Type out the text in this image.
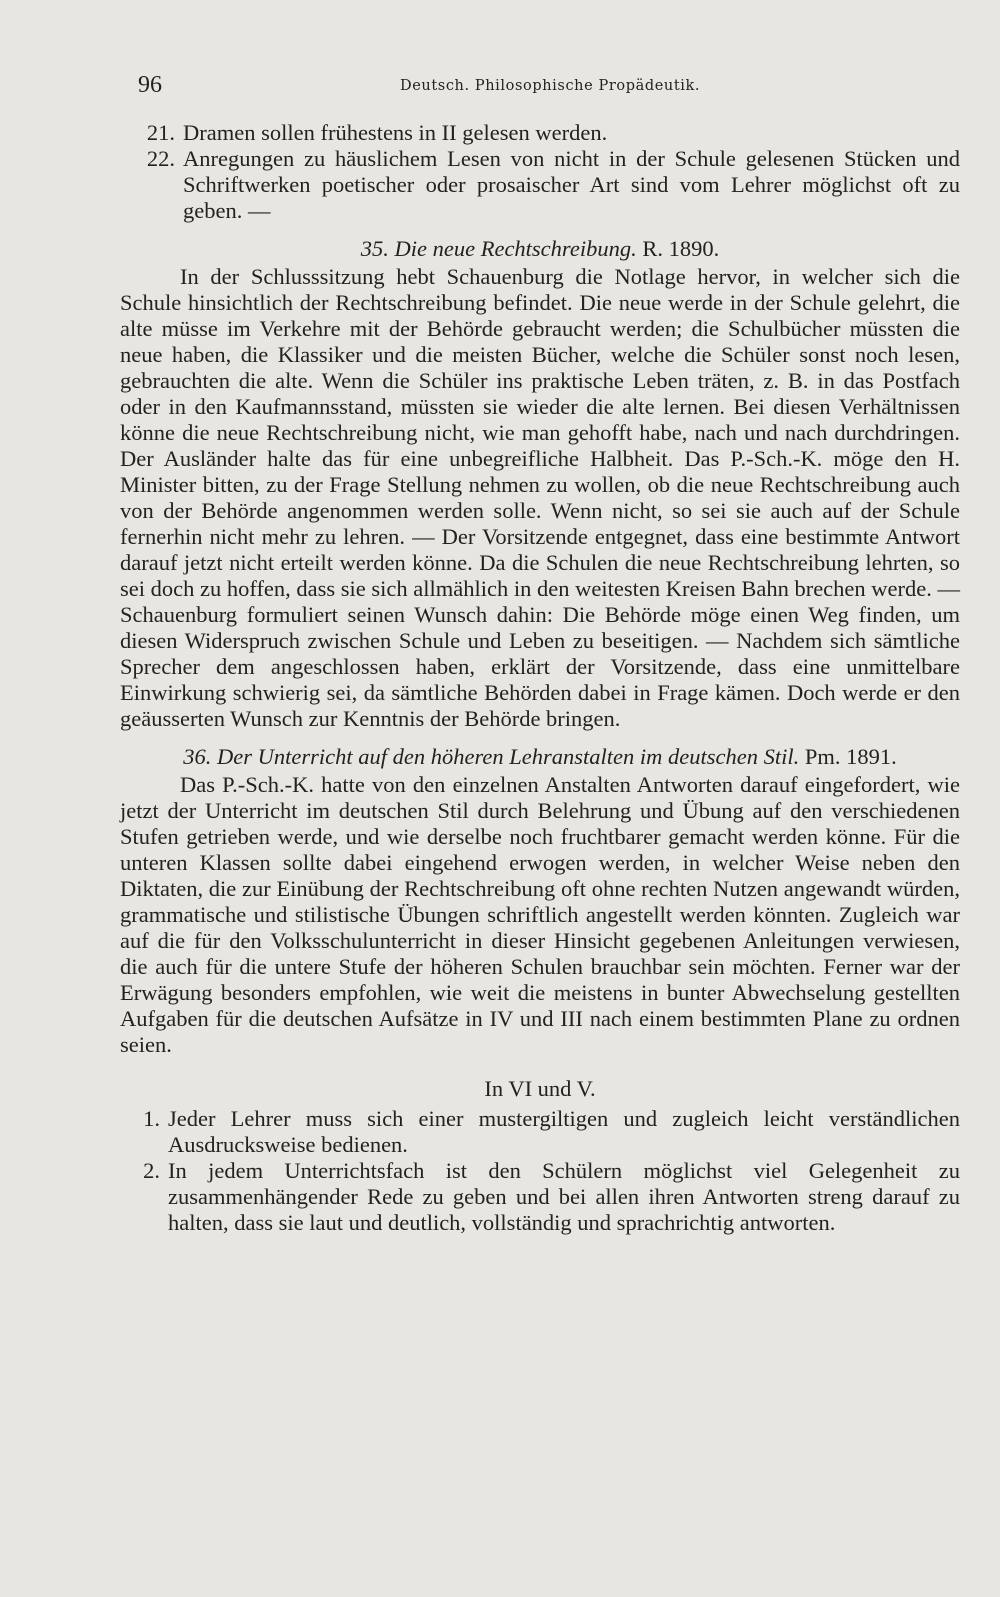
96	Deutsch. Philosophische Propädeutik.
21. Dramen sollen frühestens in II gelesen werden.
22. Anregungen zu häuslichem Lesen von nicht in der Schule gelesenen Stücken und Schriftwerken poetischer oder prosaischer Art sind vom Lehrer möglichst oft zu geben. —
35. Die neue Rechtschreibung. R. 1890.

In der Schlusssitzung hebt Schauenburg die Notlage hervor, in welcher sich die Schule hinsichtlich der Rechtschreibung befindet. Die neue werde in der Schule gelehrt, die alte müsse im Verkehre mit der Behörde gebraucht werden; die Schulbücher müssten die neue haben, die Klassiker und die meisten Bücher, welche die Schüler sonst noch lesen, gebrauchten die alte. Wenn die Schüler ins praktische Leben träten, z. B. in das Postfach oder in den Kaufmannsstand, müssten sie wieder die alte lernen. Bei diesen Verhältnissen könne die neue Rechtschreibung nicht, wie man gehofft habe, nach und nach durchdringen. Der Ausländer halte das für eine unbegreifliche Halbheit. Das P.-Sch.-K. möge den H. Minister bitten, zu der Frage Stellung nehmen zu wollen, ob die neue Rechtschreibung auch von der Behörde angenommen werden solle. Wenn nicht, so sei sie auch auf der Schule fernerhin nicht mehr zu lehren. — Der Vorsitzende entgegnet, dass eine bestimmte Antwort darauf jetzt nicht erteilt werden könne. Da die Schulen die neue Rechtschreibung lehrten, so sei doch zu hoffen, dass sie sich allmählich in den weitesten Kreisen Bahn brechen werde. — Schauenburg formuliert seinen Wunsch dahin: Die Behörde möge einen Weg finden, um diesen Widerspruch zwischen Schule und Leben zu beseitigen. — Nachdem sich sämtliche Sprecher dem angeschlossen haben, erklärt der Vorsitzende, dass eine unmittelbare Einwirkung schwierig sei, da sämtliche Behörden dabei in Frage kämen. Doch werde er den geäusserten Wunsch zur Kenntnis der Behörde bringen.

36. Der Unterricht auf den höheren Lehranstalten im deutschen Stil. Pm. 1891.

Das P.-Sch.-K. hatte von den einzelnen Anstalten Antworten darauf eingefordert, wie jetzt der Unterricht im deutschen Stil durch Belehrung und Übung auf den verschiedenen Stufen getrieben werde, und wie derselbe noch fruchtbarer gemacht werden könne. Für die unteren Klassen sollte dabei eingehend erwogen werden, in welcher Weise neben den Diktaten, die zur Einübung der Rechtschreibung oft ohne rechten Nutzen angewandt würden, grammatische und stilistische Übungen schriftlich angestellt werden könnten. Zugleich war auf die für den Volksschulunterricht in dieser Hinsicht gegebenen Anleitungen verwiesen, die auch für die untere Stufe der höheren Schulen brauchbar sein möchten. Ferner war der Erwägung besonders empfohlen, wie weit die meistens in bunter Abwechselung gestellten Aufgaben für die deutschen Aufsätze in IV und III nach einem bestimmten Plane zu ordnen seien.

In VI und V.
1. Jeder Lehrer muss sich einer mustergiltigen und zugleich leicht verständlichen Ausdrucksweise bedienen.
2. In jedem Unterrichtsfach ist den Schülern möglichst viel Gelegenheit zu zusammenhängender Rede zu geben und bei allen ihren Antworten streng darauf zu halten, dass sie laut und deutlich, vollständig und sprachrichtig antworten.
